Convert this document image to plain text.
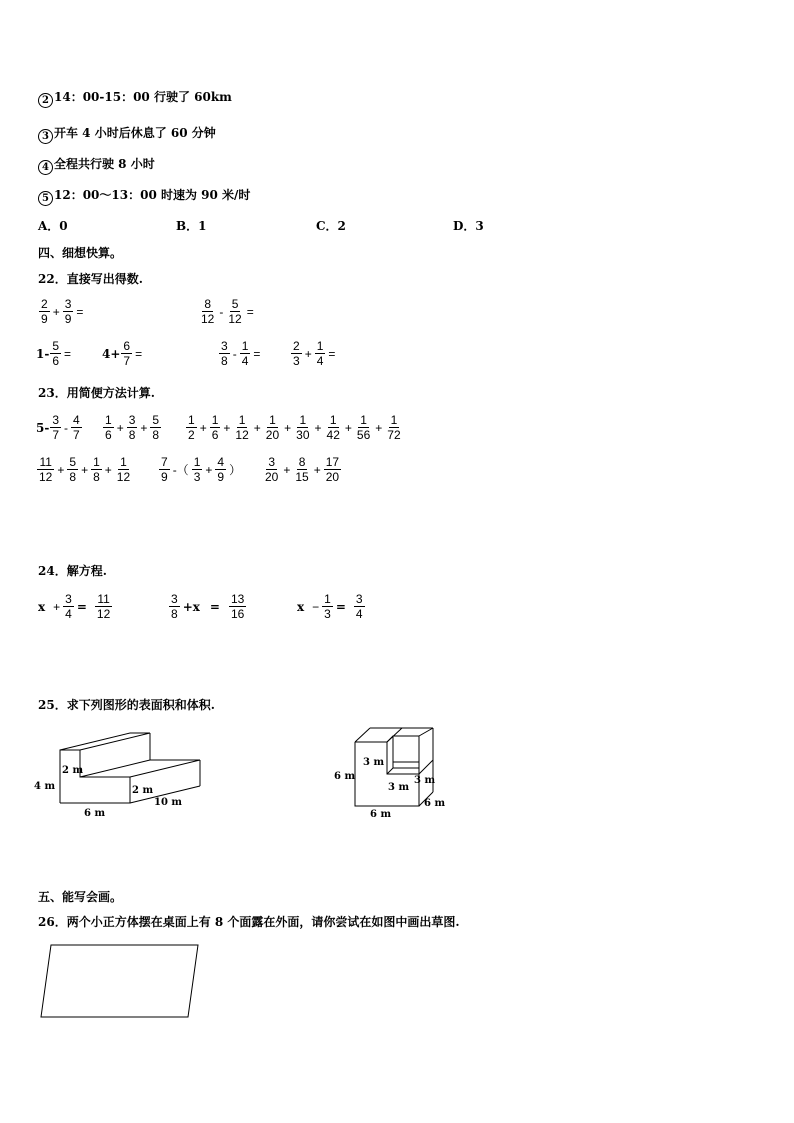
2 14：00-15：00 行驶了 60km
3 开车 4 小时后休息了 60 分钟
4 全程共行驶 8 小时
5 12：00～13：00 时速为 90 米/时
A．0	B．1	C．2	D．3
四、细想快算。
22．直接写出得数.
$\frac{2}{9} + \frac{3}{9}$ =	$\frac{8}{12} - \frac{5}{12}$ =
$1- \frac{5}{6}$ =	$4+ \frac{6}{7}$ =	$\frac{3}{8} - \frac{1}{4}$ =	$\frac{2}{3} + \frac{1}{4}$ =
23．用简便方法计算.
$5- \frac{3}{7} - \frac{4}{7} \frac{1}{6} + \frac{3}{8} + \frac{5}{8} \frac{1}{2} + \frac{1}{6} + \frac{1}{12} + \frac{1}{20} + \frac{1}{30} + \frac{1}{42} + \frac{1}{56} + \frac{1}{72}$
$\frac{11}{12} + \frac{5}{8} + \frac{1}{8} + \frac{1}{12} \frac{7}{9}$ -（ $\frac{1}{3} + \frac{4}{9}$ ） $\frac{3}{20} + \frac{8}{15} + \frac{17}{20}$
24．解方程.
$x + \frac{3}{4} = \frac{11}{12}$	$\frac{3}{8} +x = \frac{13}{16}$	$x - \frac{1}{3} = \frac{3}{4}$
25．求下列图形的表面积和体积.
4 m
2 m
2 m
10 m
6 m
3 m
3 m
3 m
6 m
6 m
6 m
五、能写会画。
26．两个小正方体摆在桌面上有 8 个面露在外面，请你尝试在如图中画出草图.
